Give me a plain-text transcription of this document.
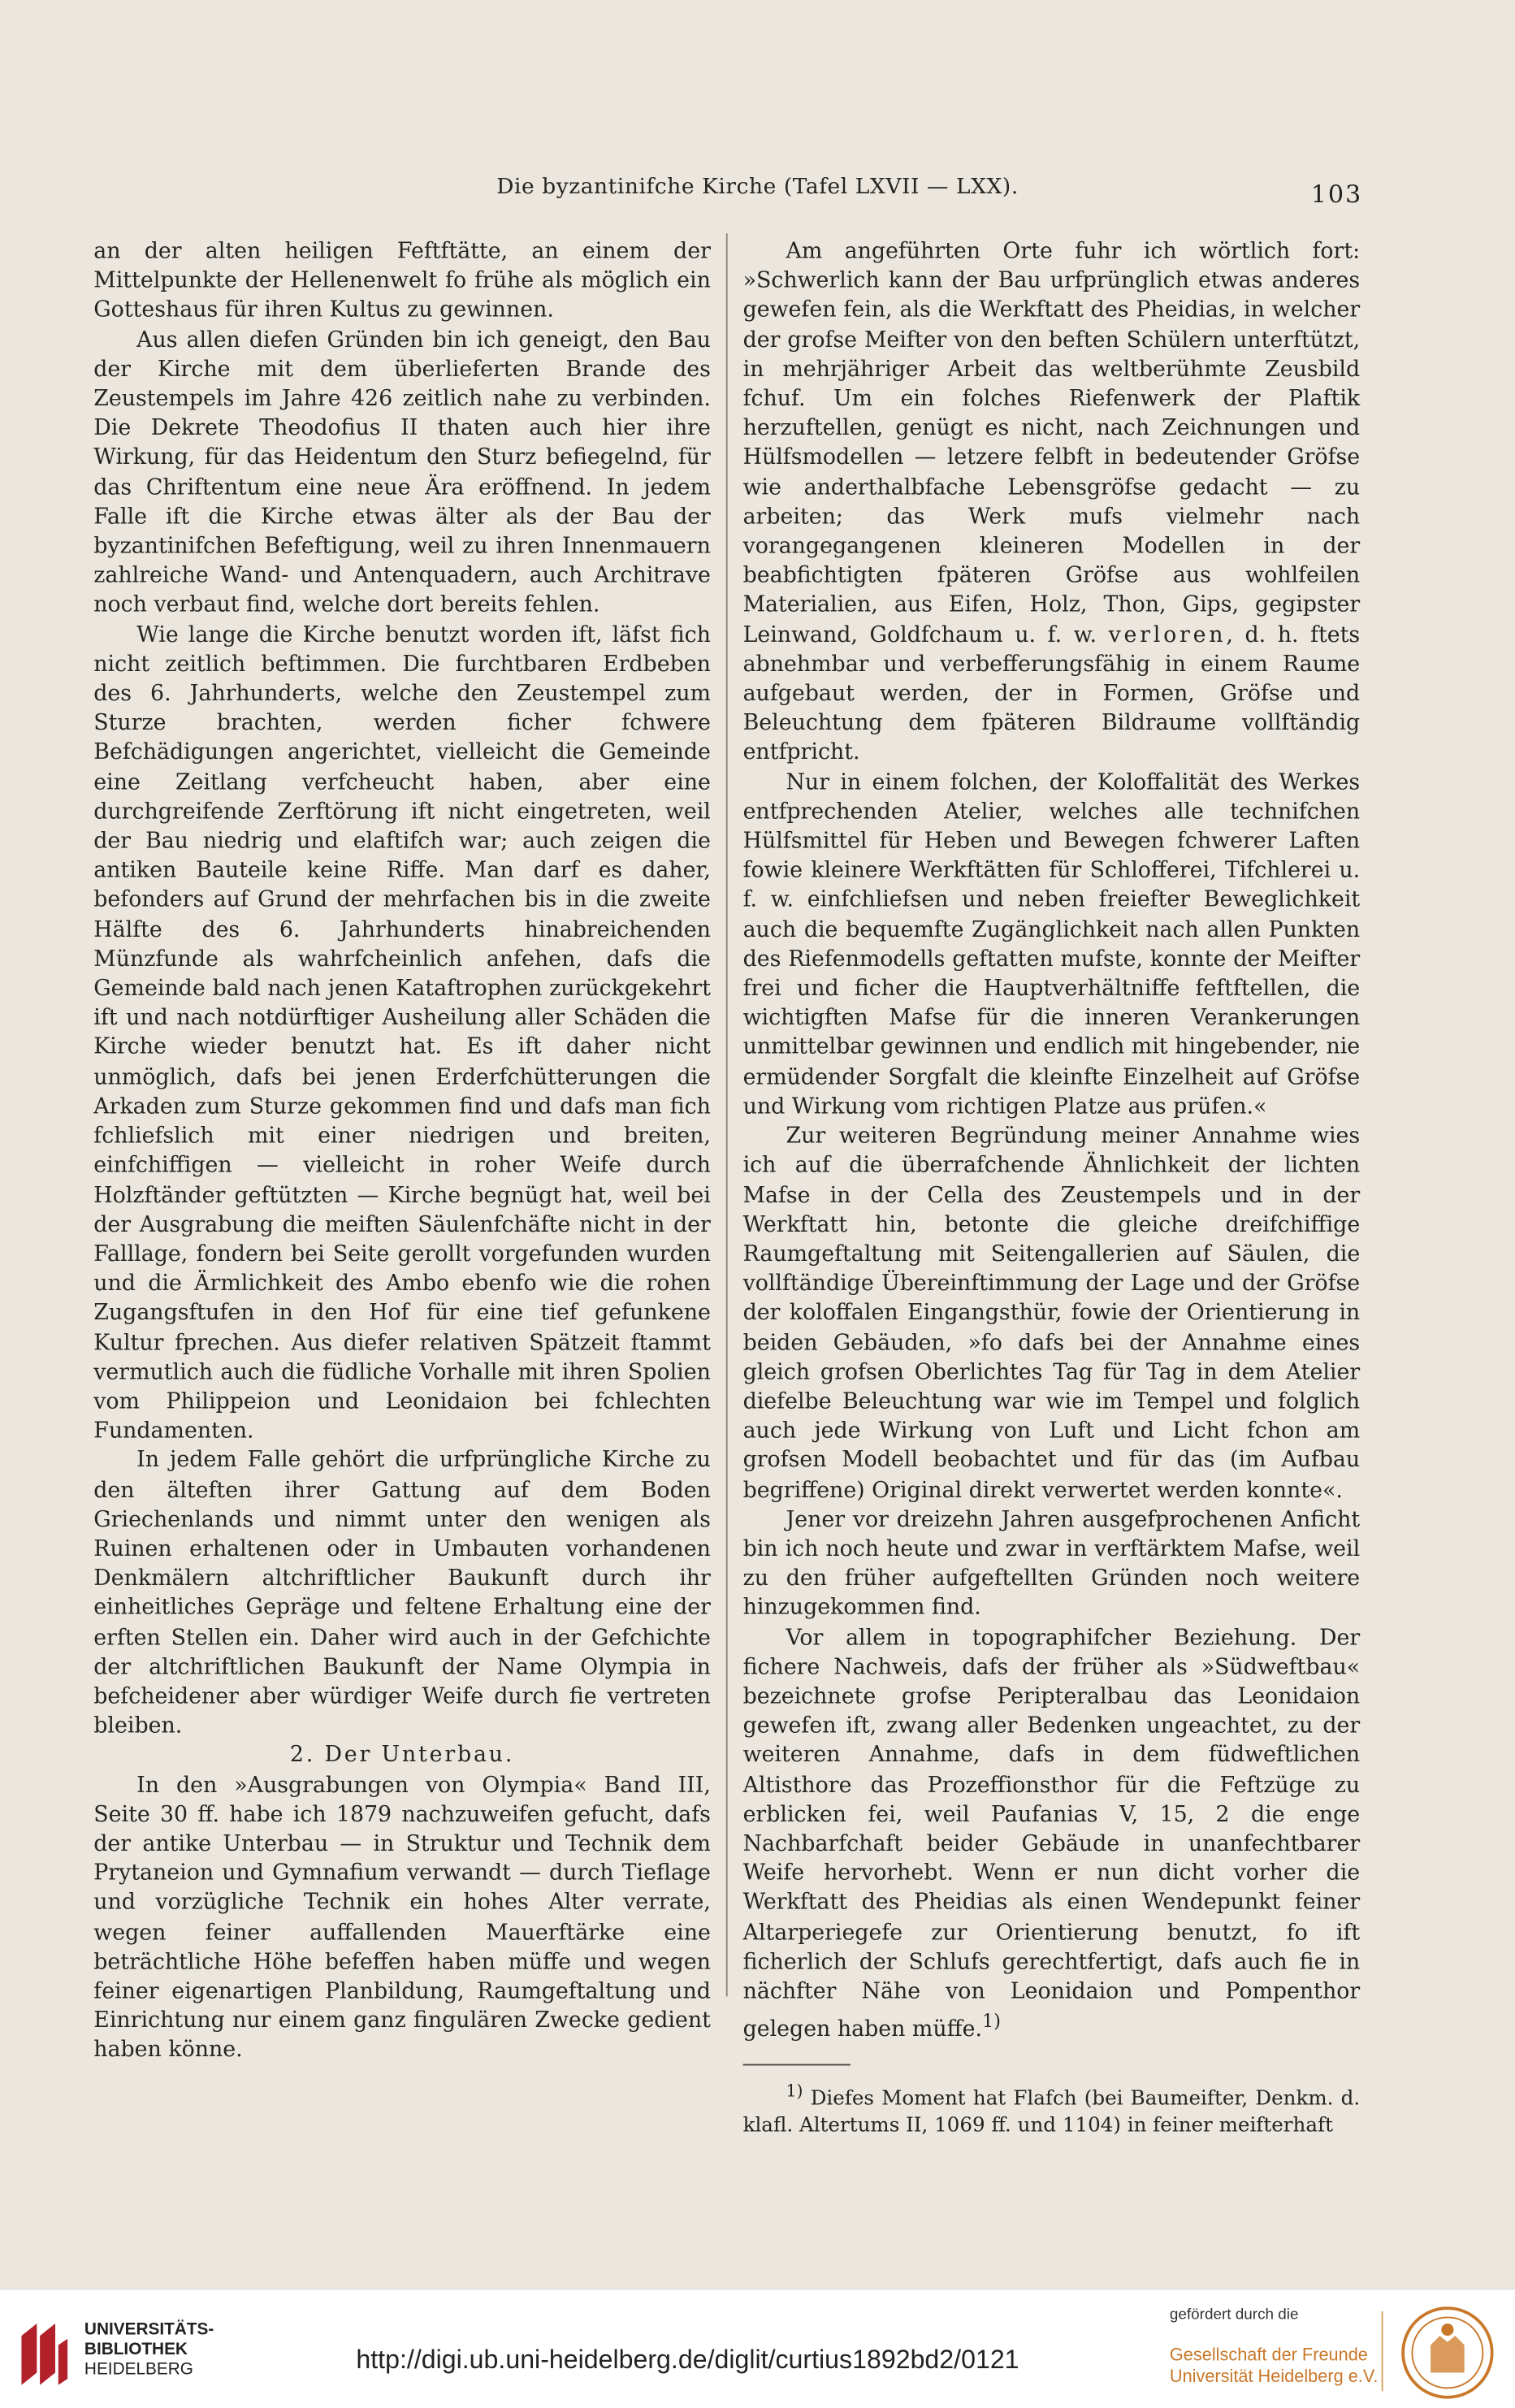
Die byzantinifche Kirche (Tafel LXVII — LXX).	103

an der alten heiligen Feftftätte, an einem der Mittelpunkte der Hellenenwelt fo frühe als möglich ein Gotteshaus für ihren Kultus zu gewinnen.

Aus allen diefen Gründen bin ich geneigt, den Bau der Kirche mit dem überlieferten Brande des Zeustempels im Jahre 426 zeitlich nahe zu verbinden. Die Dekrete Theodofius II thaten auch hier ihre Wirkung, für das Heidentum den Sturz befiegelnd, für das Chriftentum eine neue Ära eröffnend. In jedem Falle ift die Kirche etwas älter als der Bau der byzantinifchen Befeftigung, weil zu ihren Innenmauern zahlreiche Wand- und Antenquadern, auch Architrave noch verbaut find, welche dort bereits fehlen.

Wie lange die Kirche benutzt worden ift, läfst fich nicht zeitlich beftimmen. Die furchtbaren Erdbeben des 6. Jahrhunderts, welche den Zeustempel zum Sturze brachten, werden ficher fchwere Befchädigungen angerichtet, vielleicht die Gemeinde eine Zeitlang verfcheucht haben, aber eine durchgreifende Zerftörung ift nicht eingetreten, weil der Bau niedrig und elaftifch war; auch zeigen die antiken Bauteile keine Riffe. Man darf es daher, befonders auf Grund der mehrfachen bis in die zweite Hälfte des 6. Jahrhunderts hinabreichenden Münzfunde als wahrfcheinlich anfehen, dafs die Gemeinde bald nach jenen Kataftrophen zurückgekehrt ift und nach notdürftiger Ausheilung aller Schäden die Kirche wieder benutzt hat. Es ift daher nicht unmöglich, dafs bei jenen Erderfchütterungen die Arkaden zum Sturze gekommen find und dafs man fich fchliefslich mit einer niedrigen und breiten, einfchiffigen — vielleicht in roher Weife durch Holzftänder geftützten — Kirche begnügt hat, weil bei der Ausgrabung die meiften Säulenfchäfte nicht in der Falllage, fondern bei Seite gerollt vorgefunden wurden und die Ärmlichkeit des Ambo ebenfo wie die rohen Zugangsftufen in den Hof für eine tief gefunkene Kultur fprechen. Aus diefer relativen Spätzeit ftammt vermutlich auch die füdliche Vorhalle mit ihren Spolien vom Philippeion und Leonidaion bei fchlechten Fundamenten.

In jedem Falle gehört die urfprüngliche Kirche zu den älteften ihrer Gattung auf dem Boden Griechenlands und nimmt unter den wenigen als Ruinen erhaltenen oder in Umbauten vorhandenen Denkmälern altchriftlicher Baukunft durch ihr einheitliches Gepräge und feltene Erhaltung eine der erften Stellen ein. Daher wird auch in der Gefchichte der altchriftlichen Baukunft der Name Olympia in befcheidener aber würdiger Weife durch fie vertreten bleiben.

2. Der Unterbau.

In den »Ausgrabungen von Olympia« Band III, Seite 30 ff. habe ich 1879 nachzuweifen gefucht, dafs der antike Unterbau — in Struktur und Technik dem Prytaneion und Gymnafium verwandt — durch Tieflage und vorzügliche Technik ein hohes Alter verrate, wegen feiner auffallenden Mauerftärke eine beträchtliche Höhe befeffen haben müffe und wegen feiner eigenartigen Planbildung, Raumgeftaltung und Einrichtung nur einem ganz fingulären Zwecke gedient haben könne.

Am angeführten Orte fuhr ich wörtlich fort: »Schwerlich kann der Bau urfprünglich etwas anderes gewefen fein, als die Werkftatt des Pheidias, in welcher der grofse Meifter von den beften Schülern unterftützt, in mehrjähriger Arbeit das weltberühmte Zeusbild fchuf. Um ein folches Riefenwerk der Plaftik herzuftellen, genügt es nicht, nach Zeichnungen und Hülfsmodellen — letzere felbft in bedeutender Gröfse wie anderthalbfache Lebensgröfse gedacht — zu arbeiten; das Werk mufs vielmehr nach vorangegangenen kleineren Modellen in der beabfichtigten fpäteren Gröfse aus wohlfeilen Materialien, aus Eifen, Holz, Thon, Gips, gegipster Leinwand, Goldfchaum u. f. w. verloren, d. h. ftets abnehmbar und verbefferungsfähig in einem Raume aufgebaut werden, der in Formen, Gröfse und Beleuchtung dem fpäteren Bildraume vollftändig entfpricht.

Nur in einem folchen, der Koloffalität des Werkes entfprechenden Atelier, welches alle technifchen Hülfsmittel für Heben und Bewegen fchwerer Laften fowie kleinere Werkftätten für Schlofferei, Tifchlerei u. f. w. einfchliefsen und neben freiefter Beweglichkeit auch die bequemfte Zugänglichkeit nach allen Punkten des Riefenmodells geftatten mufste, konnte der Meifter frei und ficher die Hauptverhältniffe feftftellen, die wichtigften Mafse für die inneren Verankerungen unmittelbar gewinnen und endlich mit hingebender, nie ermüdender Sorgfalt die kleinfte Einzelheit auf Gröfse und Wirkung vom richtigen Platze aus prüfen.«

Zur weiteren Begründung meiner Annahme wies ich auf die überrafchende Ähnlichkeit der lichten Mafse in der Cella des Zeustempels und in der Werkftatt hin, betonte die gleiche dreifchiffige Raumgeftaltung mit Seitengallerien auf Säulen, die vollftändige Übereinftimmung der Lage und der Gröfse der koloffalen Eingangsthür, fowie der Orientierung in beiden Gebäuden, »fo dafs bei der Annahme eines gleich grofsen Oberlichtes Tag für Tag in dem Atelier diefelbe Beleuchtung war wie im Tempel und folglich auch jede Wirkung von Luft und Licht fchon am grofsen Modell beobachtet und für das (im Aufbau begriffene) Original direkt verwertet werden konnte«.

Jener vor dreizehn Jahren ausgefprochenen Anficht bin ich noch heute und zwar in verftärktem Mafse, weil zu den früher aufgeftellten Gründen noch weitere hinzugekommen find.

Vor allem in topographifcher Beziehung. Der fichere Nachweis, dafs der früher als »Südweftbau« bezeichnete grofse Peripteralbau das Leonidaion gewefen ift, zwang aller Bedenken ungeachtet, zu der weiteren Annahme, dafs in dem füdweftlichen Altisthore das Prozeffionsthor für die Feftzüge zu erblicken fei, weil Paufanias V, 15, 2 die enge Nachbarfchaft beider Gebäude in unanfechtbarer Weife hervorhebt. Wenn er nun dicht vorher die Werkftatt des Pheidias als einen Wendepunkt feiner Altarperiegefe zur Orientierung benutzt, fo ift ficherlich der Schlufs gerechtfertigt, dafs auch fie in nächfter Nähe von Leonidaion und Pompenthor gelegen haben müffe.$^{1)}$

$^{1)}$ Diefes Moment hat Flafch (bei Baumeifter, Denkm. d. klafl. Altertums II, 1069 ff. und 1104) in feiner meifterhaft

UNIVERSITÄTS-
BIBLIOTHEK
HEIDELBERG	http://digi.ub.uni-heidelberg.de/diglit/curtius1892bd2/0121
gefördert durch die
Gesellschaft der Freunde
Universität Heidelberg e.V.
